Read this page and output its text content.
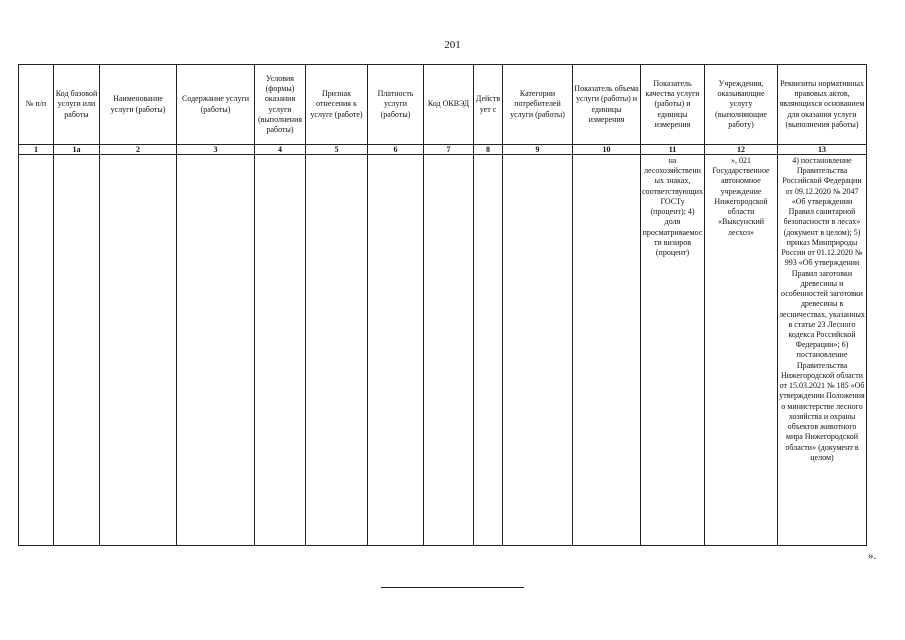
201
№ п/п	Код базовой услуги или работы	Наименование услуги (работы)	Содержание услуги (работы)	Условия (формы) оказания услуги (выполнения работы)	Признак отнесения к услуге (работе)	Платность услуги (работы)	Код ОКВЭД	Действует с	Категории потребителей услуги (работы)	Показатель объема услуги (работы) и единицы измерения	Показатель качества услуги (работы) и единицы измерения	Учреждения, оказывающие услугу (выполняющие работу)	Реквизиты нормативных правовых актов, являющихся основанием для оказания услуги (выполнения работы)
1	1а	2	3	4	5	6	7	8	9	10	11	12	13
											на лесохозяйственных знаках, соответствующих ГОСТу (процент); 4) доля просматриваемости визиров (процент)	», 021 Государственное автономное учреждение Нижегородской области «Выксунский лесхоз»	4) постановление Правительства Российской Федерации от 09.12.2020 № 2047 «Об утверждении Правил санитарной безопасности в лесах» (документ в целом); 5) приказ Минприроды России от 01.12.2020 № 993 «Об утверждении Правил заготовки древесины и особенностей заготовки древесины в лесничествах, указанных в статье 23 Лесного кодекса Российской Федерации»; 6) постановление Правительства Нижегородской области от 15.03.2021 № 185 «Об утверждении Положения о министерстве лесного хозяйства и охраны объектов животного мира Нижегородской области» (документ в целом)
».
